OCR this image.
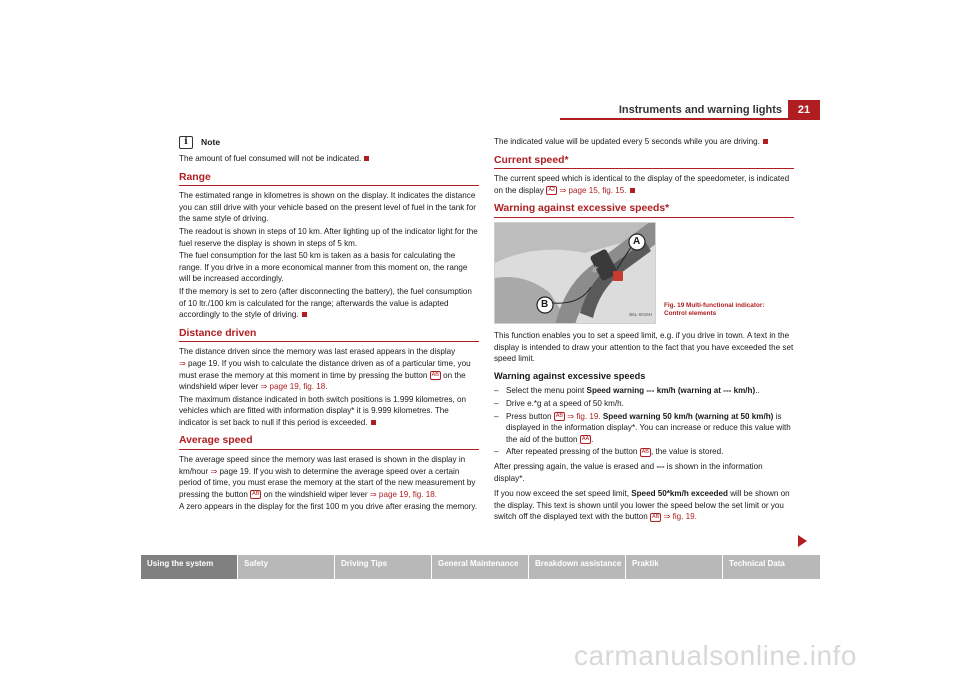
Instruments and warning lights	21
i	Note

The amount of fuel consumed will not be indicated.

Range

The estimated range in kilometres is shown on the display. It indicates the distance you can still drive with your vehicle based on the present level of fuel in the tank for the same style of driving.

The readout is shown in steps of 10 km. After lighting up of the indicator light for the fuel reserve the display is shown in steps of 5 km.

The fuel consumption for the last 50 km is taken as a basis for calculating the range. If you drive in a more economical manner from this moment on, the range will be increased accordingly.

If the memory is set to zero (after disconnecting the battery), the fuel consumption of 10 ltr./100 km is calculated for the range; afterwards the value is adapted accordingly to the style of driving.

Distance driven

The distance driven since the memory was last erased appears in the display
⇒ page 19. If you wish to calculate the distance driven as of a particular time, you must erase the memory at this moment in time by pressing the button AB on the windshield wiper lever ⇒ page 19, fig. 18.

The maximum distance indicated in both switch positions is 1.999 kilometres, on vehicles which are fitted with information display* it is 9.999 kilometres. The indicator is set back to null if this period is exceeded.

Average speed

The average speed since the memory was last erased is shown in the display in km/hour ⇒ page 19. If you wish to determine the average speed over a certain period of time, you must erase the memory at the start of the new measurement by pressing the button AB on the windshield wiper lever ⇒ page 19, fig. 18.

A zero appears in the display for the first 100 m you drive after erasing the memory.

The indicated value will be updated every 5 seconds while you are driving.

Current speed*

The current speed which is identical to the display of the speedometer, is indicated on the display A2 ⇒ page 15, fig. 15.

Warning against excessive speeds*
OK
A
B
B6L-0015H
Fig. 19 Multi-functional indicator:
Control elements

This function enables you to set a speed limit, e.g. if you drive in town. A text in the display is intended to draw your attention to the fact that you have exceeded the set speed limit.

Warning against excessive speeds
– Select the menu point Speed warning --- km/h (warning at --- km/h)..
– Drive e.*g at a speed of 50 km/h.
– Press button AB ⇒ fig. 19. Speed warning 50 km/h (warning at 50 km/h) is displayed in the information display*. You can increase or reduce this value with the aid of the button AA .
– After repeated pressing of the button AB , the value is stored.

After pressing again, the value is erased and --- is shown in the information display*.

If you now exceed the set speed limit, Speed 50*km/h exceeded will be shown on the display. This text is shown until you lower the speed below the set limit or you switch off the displayed text with the button AB ⇒ fig. 19.

Using the system	Safety	Driving Tips	General Maintenance	Breakdown assistance	Praktik	Technical Data
carmanualsonline.info
